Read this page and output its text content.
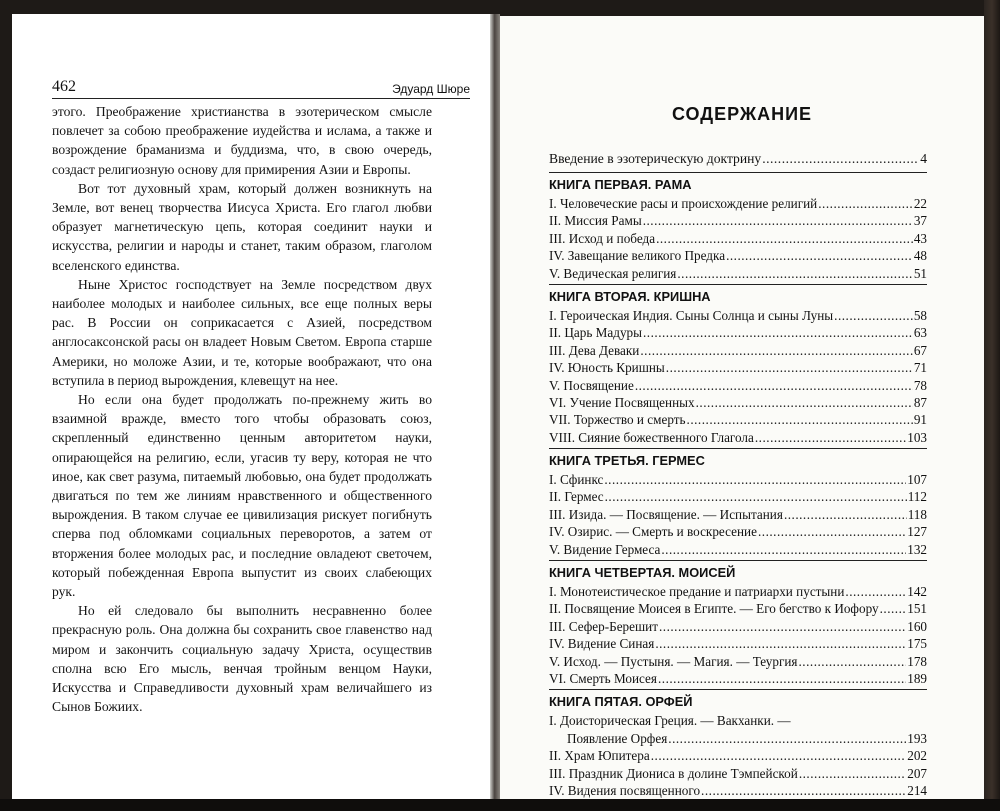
462	Эдуард Шюре

этого. Преображение христианства в эзотерическом смысле повлечет за собою преображение иудейства и ислама, а также и возрождение браманизма и буддизма, что, в свою очередь, создаст религиозную основу для примирения Азии и Европы.

Вот тот духовный храм, который должен возникнуть на Земле, вот венец творчества Иисуса Христа. Его глагол любви образует магнетическую цепь, которая соединит науки и искусства, религии и народы и станет, таким образом, глаголом вселенского единства.

Ныне Христос господствует на Земле посредством двух наиболее молодых и наиболее сильных, все еще полных веры рас. В России он соприкасается с Азией, посредством англосаксонской расы он владеет Новым Светом. Европа старше Америки, но моложе Азии, и те, которые воображают, что она вступила в период вырождения, клевещут на нее.

Но если она будет продолжать по-прежнему жить во взаимной вражде, вместо того чтобы образовать союз, скрепленный единственно ценным авторитетом науки, опирающейся на религию, если, угасив ту веру, которая не что иное, как свет разума, питаемый любовью, она будет продолжать двигаться по тем же линиям нравственного и общественного вырождения. В таком случае ее цивилизация рискует погибнуть сперва под обломками социальных переворотов, а затем от вторжения более молодых рас, и последние овладеют светочем, который побежденная Европа выпустит из своих слабеющих рук.

Но ей следовало бы выполнить несравненно более прекрасную роль. Она должна бы сохранить свое главенство над миром и закончить социальную задачу Христа, осуществив сполна всю Его мысль, венчая тройным венцом Науки, Искусства и Справедливости духовный храм величайшего из Сынов Божиих.

СОДЕРЖАНИЕ
Введение в эзотерическую доктрину .....	4
КНИГА ПЕРВАЯ. РАМА
I. Человеческие расы и происхождение религий .....	22
II. Миссия Рамы .....	37
III. Исход и победа .....	43
IV. Завещание великого Предка .....	48
V. Ведическая религия .....	51
КНИГА ВТОРАЯ. КРИШНА
I. Героическая Индия. Сыны Солнца и сыны Луны .....	58
II. Царь Мадуры .....	63
III. Дева Деваки .....	67
IV. Юность Кришны .....	71
V. Посвящение .....	78
VI. Учение Посвященных .....	87
VII. Торжество и смерть .....	91
VIII. Сияние божественного Глагола .....	103
КНИГА ТРЕТЬЯ. ГЕРМЕС
I. Сфинкс .....	107
II. Гермес .....	112
III. Изида. — Посвящение. — Испытания .....	118
IV. Озирис. — Смерть и воскресение .....	127
V. Видение Гермеса .....	132
КНИГА ЧЕТВЕРТАЯ. МОИСЕЙ
I. Монотеистическое предание и патриархи пустыни .....	142
II. Посвящение Моисея в Египте. — Его бегство к Иофору ..... 151
III. Сефер-Берешит .....	160
IV. Видение Синая .....	175
V. Исход. — Пустыня. — Магия. — Теургия .....	178
VI. Смерть Моисея .....	189
КНИГА ПЯТАЯ. ОРФЕЙ
I. Доисторическая Греция. — Вакханки. —
Появление Орфея .....	193
II. Храм Юпитера .....	202
III. Праздник Диониса в долине Тэмпейской .....	207
IV. Видения посвященного .....	214
